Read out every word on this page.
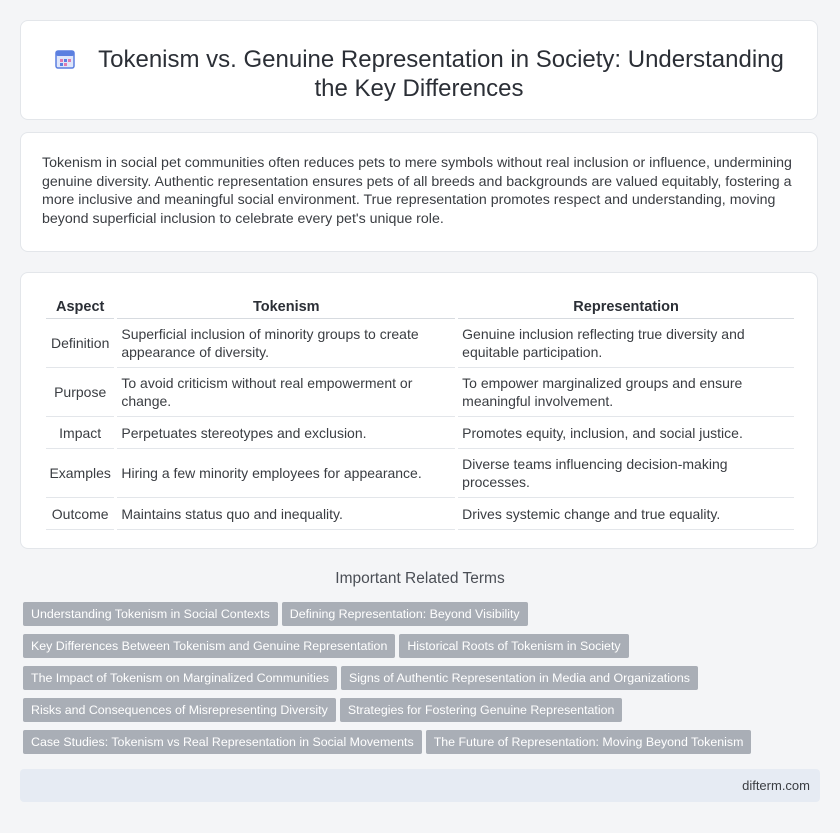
Tokenism vs. Genuine Representation in Society: Understanding the Key Differences

Tokenism in social pet communities often reduces pets to mere symbols without real inclusion or influence, undermining genuine diversity. Authentic representation ensures pets of all breeds and backgrounds are valued equitably, fostering a more inclusive and meaningful social environment. True representation promotes respect and understanding, moving beyond superficial inclusion to celebrate every pet's unique role.

Aspect	Tokenism	Representation
Definition	Superficial inclusion of minority groups to create appearance of diversity.	Genuine inclusion reflecting true diversity and equitable participation.
Purpose	To avoid criticism without real empowerment or change.	To empower marginalized groups and ensure meaningful involvement.
Impact	Perpetuates stereotypes and exclusion.	Promotes equity, inclusion, and social justice.
Examples	Hiring a few minority employees for appearance.	Diverse teams influencing decision-making processes.
Outcome	Maintains status quo and inequality.	Drives systemic change and true equality.
Important Related Terms
Understanding Tokenism in Social Contexts Defining Representation: Beyond Visibility
Key Differences Between Tokenism and Genuine Representation Historical Roots of Tokenism in Society
The Impact of Tokenism on Marginalized Communities Signs of Authentic Representation in Media and Organizations
Risks and Consequences of Misrepresenting Diversity Strategies for Fostering Genuine Representation
Case Studies: Tokenism vs Real Representation in Social Movements The Future of Representation: Moving Beyond Tokenism
difterm.com
